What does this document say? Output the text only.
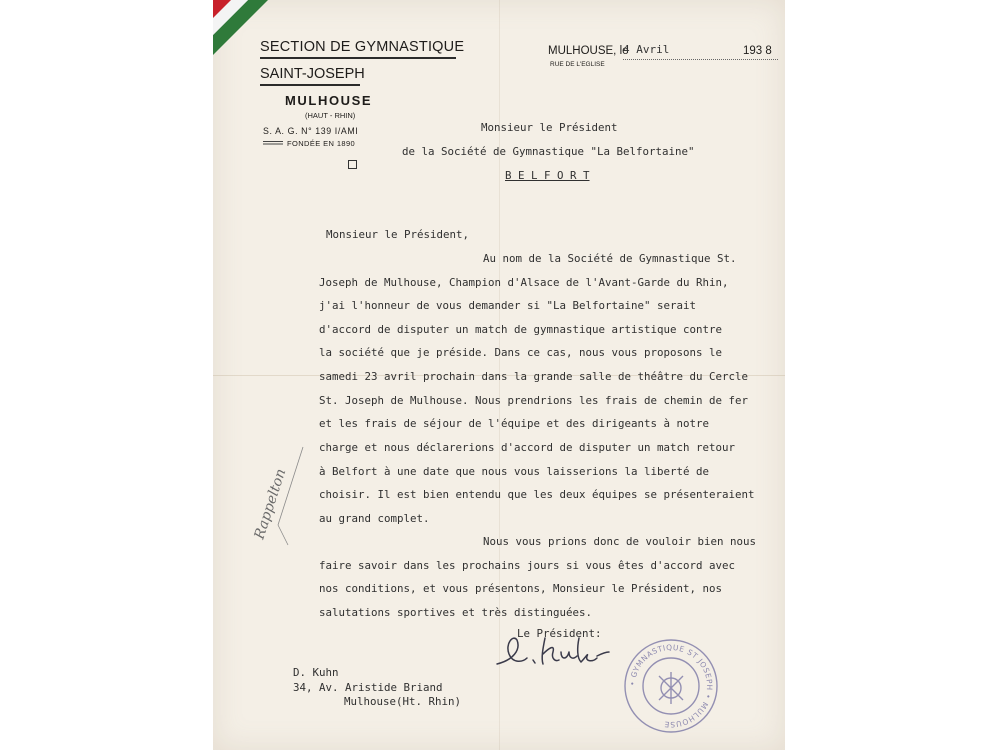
SECTION DE GYMNASTIQUE
SAINT-JOSEPH
MULHOUSE
(HAUT - RHIN)
S. A. G. N° 139 I/AMI
FONDÉE EN 1890
MULHOUSE, le
RUE DE L'EGLISE
4 Avril	193 8
Monsieur le Président
de la Société de Gymnastique "La Belfortaine"
B E L F O R T
Monsieur le Président,
Au nom de la Société de Gymnastique St.
Joseph de Mulhouse, Champion d'Alsace de l'Avant-Garde du Rhin,
j'ai l'honneur de vous demander si "La Belfortaine" serait
d'accord de disputer un match de gymnastique artistique contre
la société que je préside. Dans ce cas, nous vous proposons le
samedi 23 avril prochain dans la grande salle de théâtre du Cercle
St. Joseph de Mulhouse. Nous prendrions les frais de chemin de fer
et les frais de séjour de l'équipe et des dirigeants à notre
charge et nous déclarerions d'accord de disputer un match retour
à Belfort à une date que nous vous laisserions la liberté de
choisir. Il est bien entendu que les deux équipes se présenteraient
au grand complet.
Nous vous prions donc de vouloir bien nous
faire savoir dans les prochains jours si vous êtes d'accord avec
nos conditions, et vous présentons, Monsieur le Président, nos
salutations sportives et très distinguées.
Le Président:
D. Kuhn
34, Av. Aristide Briand
Mulhouse(Ht. Rhin)
• GYMNASTIQUE ST JOSEPH • MULHOUSE
Rappelton
